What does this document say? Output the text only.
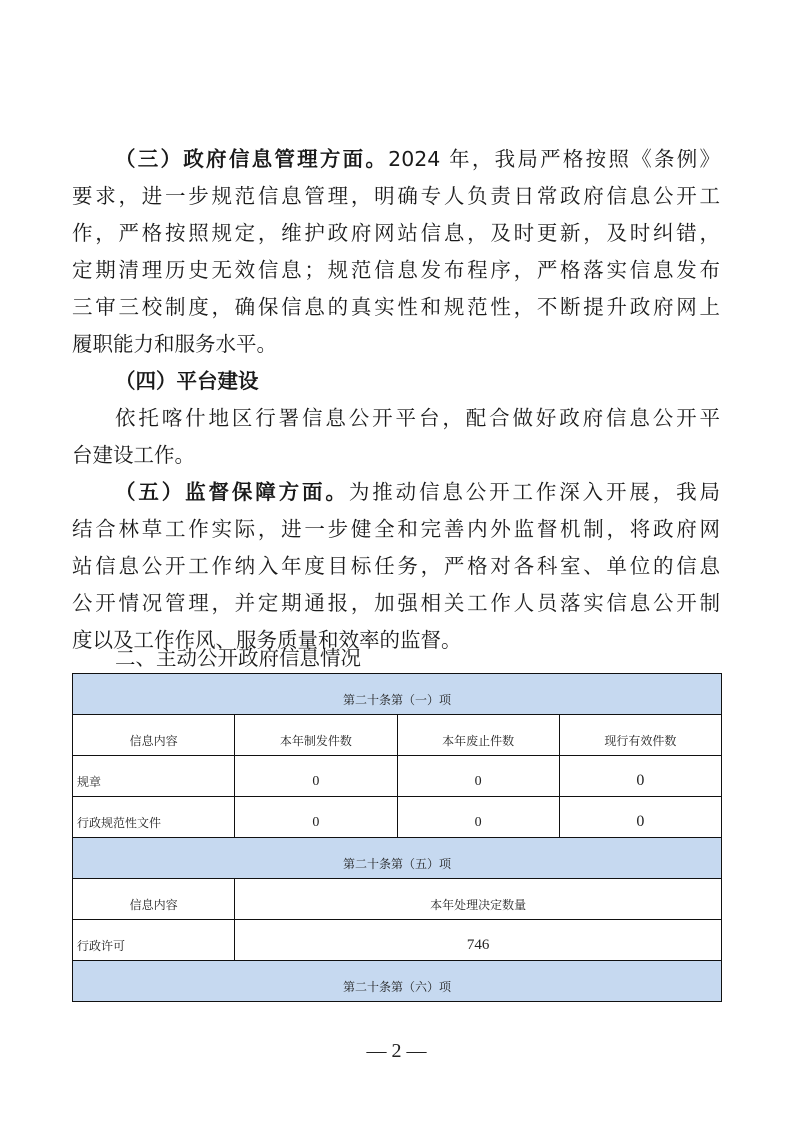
（三）政府信息管理方面。2024 年，我局严格按照《条例》
要求，进一步规范信息管理，明确专人负责日常政府信息公开工
作，严格按照规定，维护政府网站信息，及时更新，及时纠错，
定期清理历史无效信息；规范信息发布程序，严格落实信息发布
三审三校制度，确保信息的真实性和规范性，不断提升政府网上
履职能力和服务水平。
（四）平台建设
依托喀什地区行署信息公开平台，配合做好政府信息公开平
台建设工作。
（五）监督保障方面。为推动信息公开工作深入开展，我局
结合林草工作实际，进一步健全和完善内外监督机制，将政府网
站信息公开工作纳入年度目标任务，严格对各科室、单位的信息
公开情况管理，并定期通报，加强相关工作人员落实信息公开制
度以及工作作风、服务质量和效率的监督。
二、主动公开政府信息情况
第二十条第（一）项			
信息内容	本年制发件数	本年废止件数	现行有效件数
规章	0	0	0
行政规范性文件	0	0	0
第二十条第（五）项			
信息内容	本年处理决定数量		
行政许可	746		
第二十条第（六）项			
— 2 —
